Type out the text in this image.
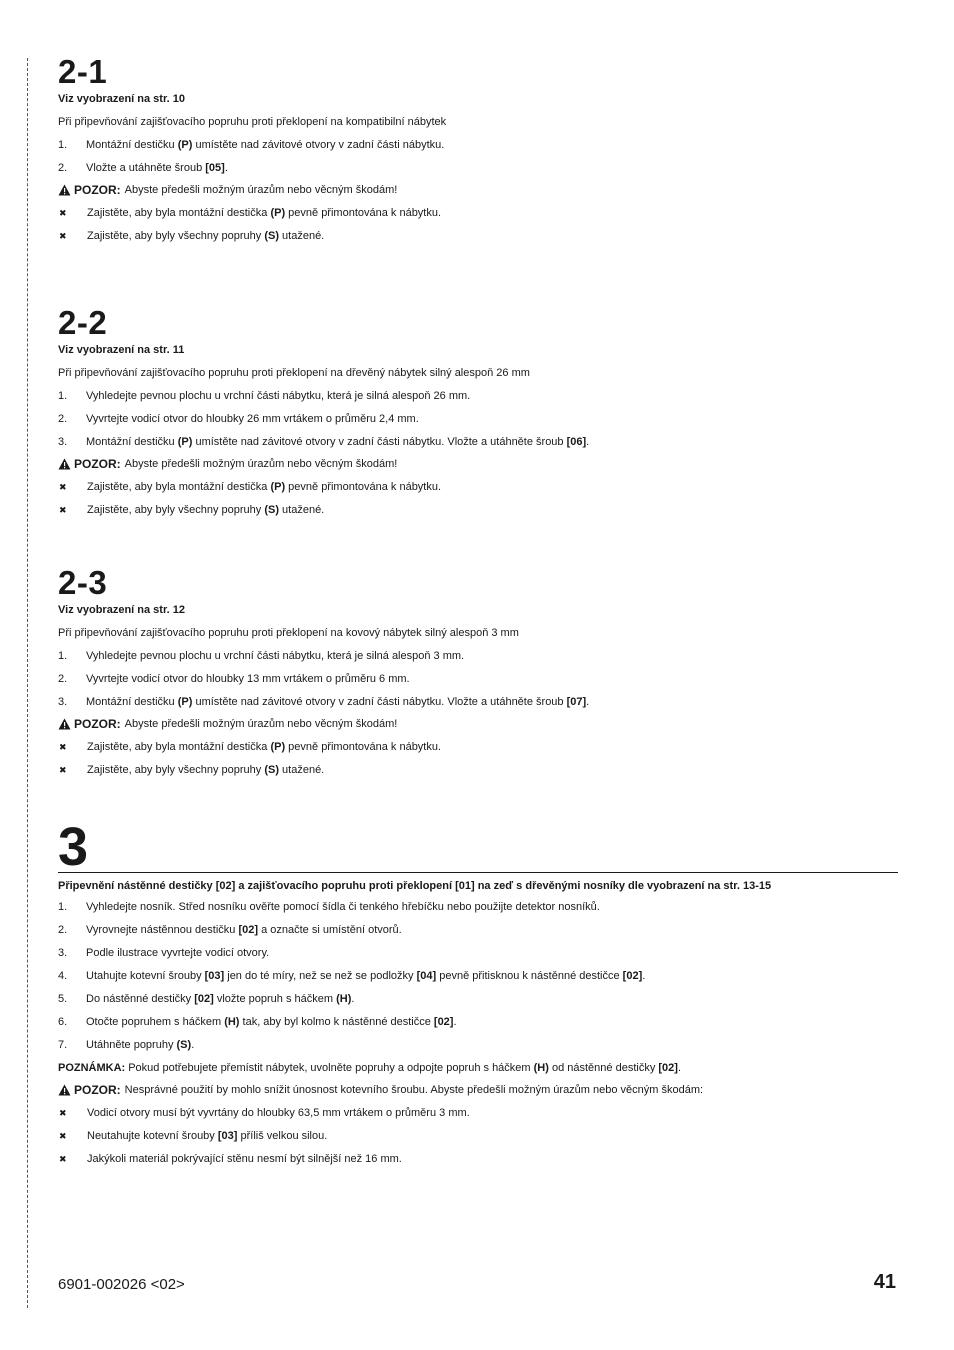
2-1
Viz vyobrazení na str. 10
Při připevňování zajišťovacího popruhu proti překlopení na kompatibilní nábytek
1.	Montážní destičku (P) umístěte nad závitové otvory v zadní části nábytku.
2.	Vložte a utáhněte šroub [05].
POZOR: Abyste předešli možným úrazům nebo věcným škodám!
✖	Zajistěte, aby byla montážní destička (P) pevně přimontována k nábytku.
✖	Zajistěte, aby byly všechny popruhy (S) utažené.
2-2
Viz vyobrazení na str. 11
Při připevňování zajišťovacího popruhu proti překlopení na dřevěný nábytek silný alespoň 26 mm
1.	Vyhledejte pevnou plochu u vrchní části nábytku, která je silná alespoň 26 mm.
2.	Vyvrtejte vodicí otvor do hloubky 26 mm vrtákem o průměru 2,4 mm.
3.	Montážní destičku (P) umístěte nad závitové otvory v zadní části nábytku. Vložte a utáhněte šroub [06].
POZOR: Abyste předešli možným úrazům nebo věcným škodám!
✖	Zajistěte, aby byla montážní destička (P) pevně přimontována k nábytku.
✖	Zajistěte, aby byly všechny popruhy (S) utažené.
2-3
Viz vyobrazení na str. 12
Při připevňování zajišťovacího popruhu proti překlopení na kovový nábytek silný alespoň 3 mm
1.	Vyhledejte pevnou plochu u vrchní části nábytku, která je silná alespoň 3 mm.
2.	Vyvrtejte vodicí otvor do hloubky 13 mm vrtákem o průměru 6 mm.
3.	Montážní destičku (P) umístěte nad závitové otvory v zadní části nábytku. Vložte a utáhněte šroub [07].
POZOR: Abyste předešli možným úrazům nebo věcným škodám!
✖	Zajistěte, aby byla montážní destička (P) pevně přimontována k nábytku.
✖	Zajistěte, aby byly všechny popruhy (S) utažené.
3
Připevnění nástěnné destičky [02] a zajišťovacího popruhu proti překlopení [01] na zeď s dřevěnými nosníky dle vyobrazení na str. 13-15
1.	Vyhledejte nosník. Střed nosníku ověřte pomocí šídla či tenkého hřebíčku nebo použijte detektor nosníků.
2.	Vyrovnejte nástěnnou destičku [02] a označte si umístění otvorů.
3.	Podle ilustrace vyvrtejte vodicí otvory.
4.	Utahujte kotevní šrouby [03] jen do té míry, než se než se podložky [04] pevně přitisknou k nástěnné destičce [02].
5.	Do nástěnné destičky [02] vložte popruh s háčkem (H).
6.	Otočte popruhem s háčkem (H) tak, aby byl kolmo k nástěnné destičce [02].
7.	Utáhněte popruhy (S).
POZNÁMKA: Pokud potřebujete přemístit nábytek, uvolněte popruhy a odpojte popruh s háčkem (H) od nástěnné destičky [02].
POZOR: Nesprávné použití by mohlo snížit únosnost kotevního šroubu. Abyste předešli možným úrazům nebo věcným škodám:
✖	Vodicí otvory musí být vyvrtány do hloubky 63,5 mm vrtákem o průměru 3 mm.
✖	Neutahujte kotevní šrouby [03] příliš velkou silou.
✖	Jakýkoli materiál pokrývající stěnu nesmí být silnější než 16 mm.
6901-002026 <02>	41
